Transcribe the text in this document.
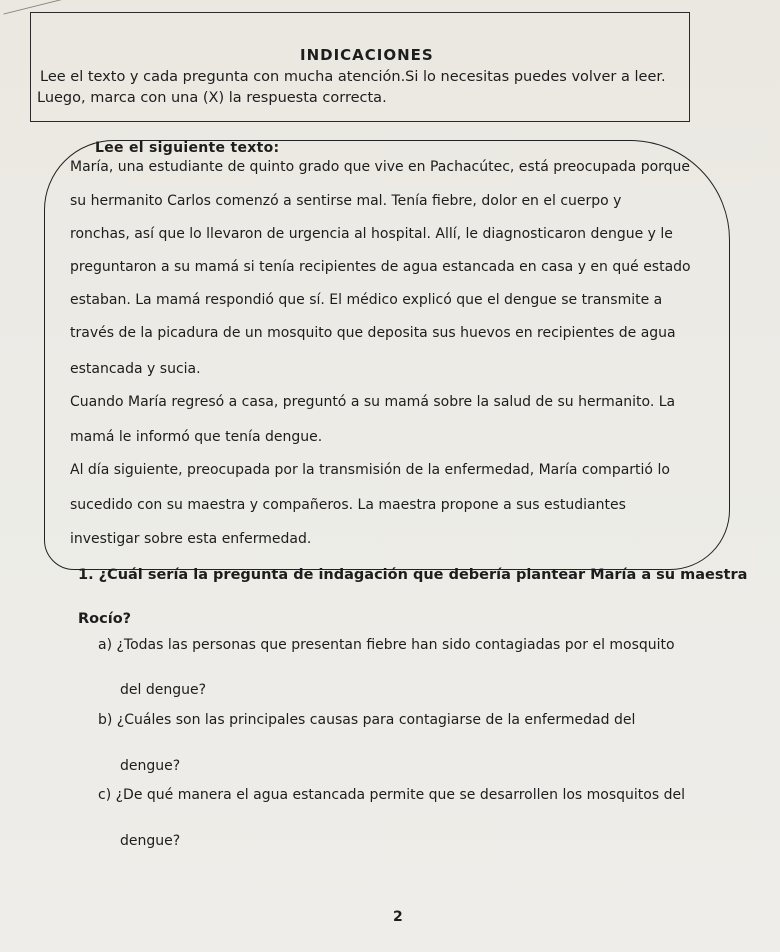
INDICACIONES
Lee el texto y cada pregunta con mucha atención.Si lo necesitas puedes volver a leer.
Luego, marca con una (X) la respuesta correcta.
Lee el siguiente texto:
María, una estudiante de quinto grado que vive en Pachacútec, está preocupada porque
su hermanito Carlos comenzó a sentirse mal. Tenía fiebre, dolor en el cuerpo y
ronchas, así que lo llevaron de urgencia al hospital. Allí, le diagnosticaron dengue y le
preguntaron a su mamá si tenía recipientes de agua estancada en casa y en qué estado
estaban. La mamá respondió que sí. El médico explicó que el dengue se transmite a
través de la picadura de un mosquito que deposita sus huevos en recipientes de agua
estancada y sucia.
Cuando María regresó a casa, preguntó a su mamá sobre la salud de su hermanito. La
mamá le informó que tenía dengue.
Al día siguiente, preocupada por la transmisión de la enfermedad, María compartió lo
sucedido con su maestra y compañeros. La maestra propone a sus estudiantes
investigar sobre esta enfermedad.
1. ¿Cuál sería la pregunta de indagación que debería plantear María a su maestra
Rocío?
a) ¿Todas las personas que presentan fiebre han sido contagiadas por el mosquito
del dengue?
b) ¿Cuáles son las principales causas para contagiarse de la enfermedad del
dengue?
c) ¿De qué manera el agua estancada permite que se desarrollen los mosquitos del
dengue?
2
